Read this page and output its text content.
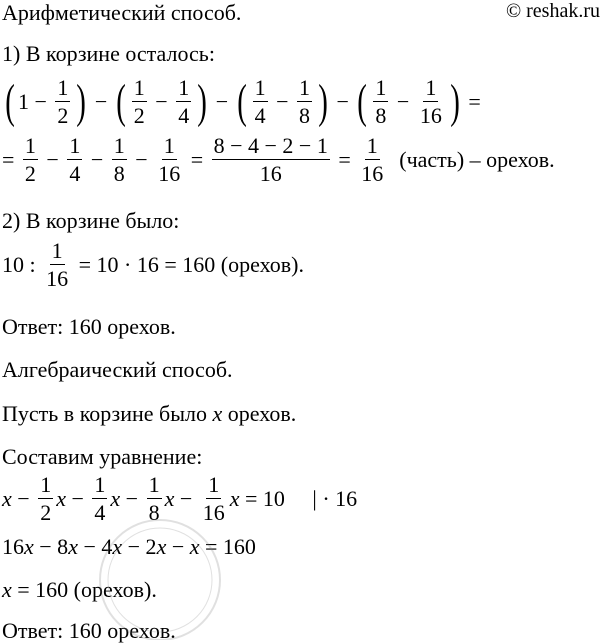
Арифметический способ.	© reshak.ru
1) В корзине осталось:
( $1 - \frac{1}{2}$ ) − ( $\frac{1}{2} - \frac{1}{4}$ ) − ( $\frac{1}{4} - \frac{1}{8}$ ) − ( $\frac{1}{8} - \frac{1}{16}$ ) =
= $\frac{1}{2} - \frac{1}{4} - \frac{1}{8} - \frac{1}{16} = \frac{8 - 4 - 2 - 1}{16} = \frac{1}{16}$ (часть) – орехов.
2) В корзине было:
10 : $\frac{1}{16} = 10 \cdot 16 = 160$ (орехов).
Ответ: 160 орехов.
Алгебраический способ.
Пусть в корзине было x орехов.
Составим уравнение:
$x - \frac{1}{2}$ $x - \frac{1}{4}$ $x - \frac{1}{8}$ $x - \frac{1}{16}$ x = 10     | · 16
16 x − 8 x − 4 x − 2 x − x = 160
x = 160 (орехов).
Ответ: 160 орехов.
